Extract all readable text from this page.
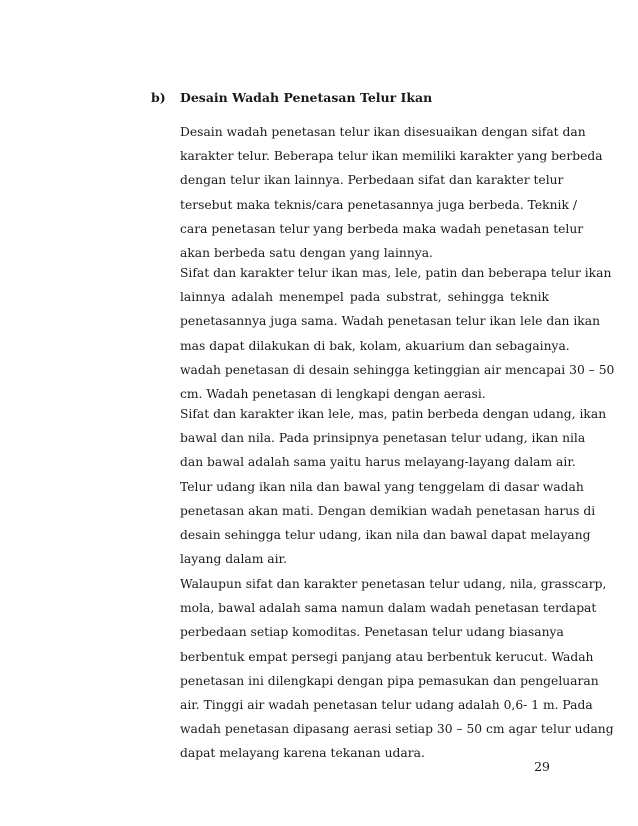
b) Desain Wadah Penetasan Telur Ikan
Desain wadah penetasan telur ikan disesuaikan dengan sifat dan
karakter telur. Beberapa telur ikan memiliki karakter yang berbeda
dengan telur ikan lainnya. Perbedaan sifat dan karakter telur
tersebut maka teknis/cara penetasannya juga berbeda. Teknik /
cara penetasan telur yang berbeda maka wadah penetasan telur
akan berbeda satu dengan yang lainnya.
Sifat dan karakter telur ikan mas, lele, patin dan beberapa telur ikan
lainnya adalah menempel pada substrat, sehingga teknik
penetasannya juga sama. Wadah penetasan telur ikan lele dan ikan
mas dapat dilakukan di bak, kolam, akuarium dan sebagainya.
wadah penetasan di desain sehingga ketinggian air mencapai 30 – 50
cm. Wadah penetasan di lengkapi dengan aerasi.
Sifat dan karakter ikan lele, mas, patin berbeda dengan udang, ikan
bawal dan nila. Pada prinsipnya penetasan telur udang, ikan nila
dan bawal adalah sama yaitu harus melayang-layang dalam air.
Telur udang ikan nila dan bawal yang tenggelam di dasar wadah
penetasan akan mati. Dengan demikian wadah penetasan harus di
desain sehingga telur udang, ikan nila dan bawal dapat melayang
layang dalam air.
Walaupun sifat dan karakter penetasan telur udang, nila, grasscarp,
mola, bawal adalah sama namun dalam wadah penetasan terdapat
perbedaan setiap komoditas. Penetasan telur udang biasanya
berbentuk empat persegi panjang atau berbentuk kerucut. Wadah
penetasan ini dilengkapi dengan pipa pemasukan dan pengeluaran
air. Tinggi air wadah penetasan telur udang adalah 0,6- 1 m. Pada
wadah penetasan dipasang aerasi setiap 30 – 50 cm agar telur udang
dapat melayang karena tekanan udara.
29
